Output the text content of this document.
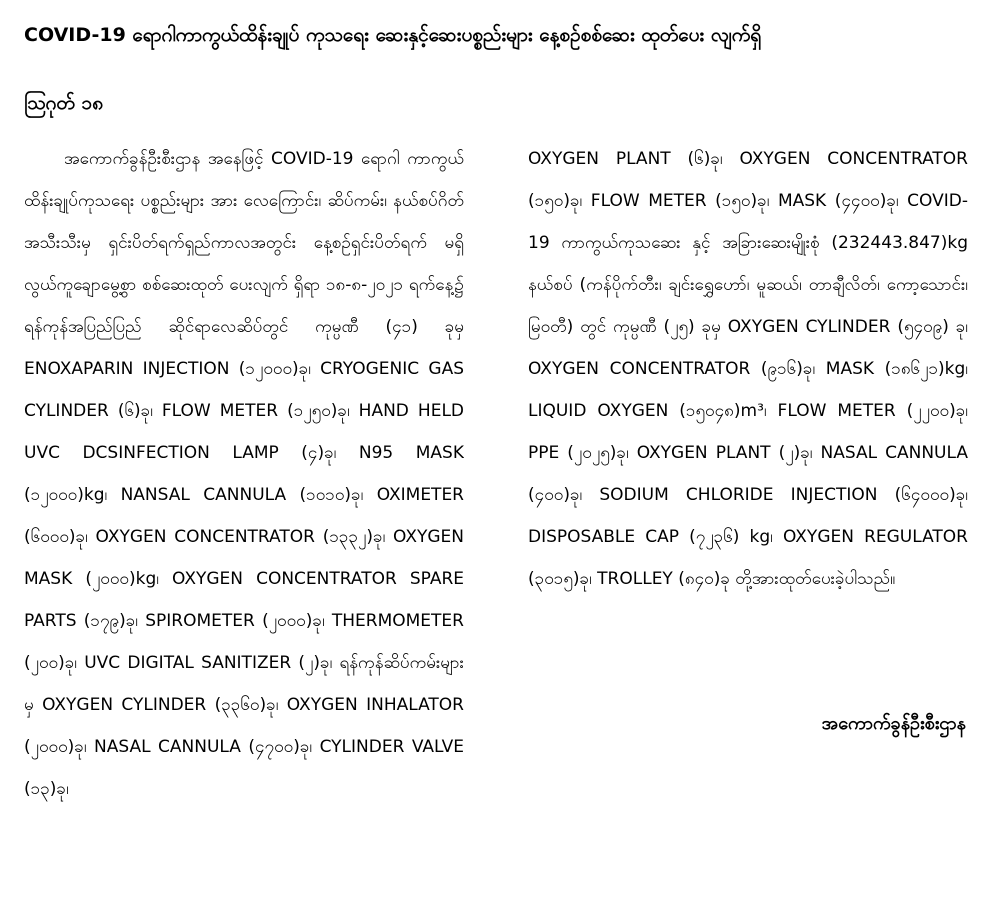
COVID-19 ရောဂါကာကွယ်ထိန်းချုပ် ကုသရေး ဆေးနှင့်ဆေးပစ္စည်းများ နေ့စဉ်စစ်ဆေး ထုတ်ပေး လျက်ရှိ
ဩဂုတ် ၁၈
အကောက်ခွန်ဦးစီးဌာန အနေဖြင့် COVID-19 ရောဂါ ကာကွယ်ထိန်းချုပ်ကုသရေး ပစ္စည်းများ အား လေကြောင်း၊ ဆိပ်ကမ်း၊ နယ်စပ်ဂိတ် အသီးသီးမှ ရှင်းပိတ်ရက်ရှည်ကာလအတွင်း နေ့စဉ်ရှင်းပိတ်ရက် မရှိလွယ်ကူချောမွေ့စွာ စစ်ဆေးထုတ် ပေးလျက် ရှိရာ ၁၈-၈-၂၀၂၁ ရက်နေ့၌ ရန်ကုန်အပြည်ပြည် ဆိုင်ရာလေဆိပ်တွင် ကုမ္ပဏီ (၄၁) ခုမှ ENOXAPARIN INJECTION (၁၂၀၀၀)ခု၊ CRYOGENIC GAS CYLINDER (၆)ခု၊ FLOW METER (၁၂၅၀)ခု၊ HAND HELD UVC DCSINFECTION LAMP (၄)ခု၊ N95 MASK (၁၂၀၀၀)kg၊ NANSAL CANNULA (၁၀၁၀)ခု၊ OXIMETER (၆၀၀၀)ခု၊ OXYGEN CONCENTRATOR (၁၃၃၂)ခု၊ OXYGEN MASK (၂၀၀၀)kg၊ OXYGEN CONCENTRATOR SPARE PARTS (၁၇၉)ခု၊ SPIROMETER (၂၀၀၀)ခု၊ THERMOMETER (၂၀၀)ခု၊ UVC DIGITAL SANITIZER (၂)ခု၊ ရန်ကုန်ဆိပ်ကမ်းများမှ OXYGEN CYLINDER (၃၃၆၀)ခု၊ OXYGEN INHALATOR (၂၀၀၀)ခု၊ NASAL CANNULA (၄၇၀၀)ခု၊ CYLINDER VALVE (၁၃)ခု၊
OXYGEN PLANT (၆)ခု၊ OXYGEN CONCENTRATOR (၁၅၀)ခု၊ FLOW METER (၁၅၀)ခု၊ MASK (၄၄၀၀)ခု၊ COVID-19 ကာကွယ်ကုသဆေး နှင့် အခြားဆေးမျိုးစုံ (232443.847)kg နယ်စပ် (ကန်ပိုက်တီး၊ ချင်းရွှေဟော်၊ မူဆယ်၊ တာချီလိတ်၊ ကော့သောင်း၊ မြဝတီ) တွင် ကုမ္ပဏီ (၂၅) ခုမှ OXYGEN CYLINDER (၅၄၀၉) ခု၊ OXYGEN CONCENTRATOR (၉၁၆)ခု၊ MASK (၁၈၆၂၁)kg၊ LIQUID OXYGEN (၁၅၀၄၈)m³၊ FLOW METER (၂၂၀၀)ခု၊ PPE (၂၀၂၅)ခု၊ OXYGEN PLANT (၂)ခု၊ NASAL CANNULA (၄၀၀)ခု၊ SODIUM CHLORIDE INJECTION (၆၄၀၀၀)ခု၊ DISPOSABLE CAP (၇၂၃၆) kg၊ OXYGEN REGULATOR (၃၀၁၅)ခု၊ TROLLEY (၈၄၀)ခု တို့အားထုတ်ပေးခဲ့ပါသည်။
အကောက်ခွန်ဦးစီးဌာန
